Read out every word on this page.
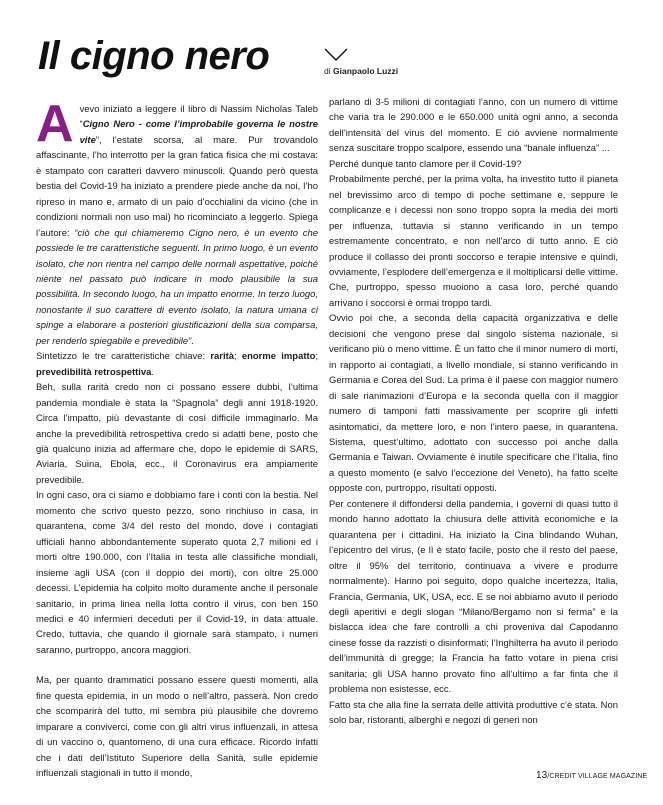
Il cigno nero	di Gianpaolo Luzzi

Avevo iniziato a leggere il libro di Nassim Nicholas Taleb “Cigno Nero - come l’improbabile governa le nostre vite”, l’estate scorsa, al mare. Pur trovandolo affascinante, l’ho interrotto per la gran fatica fisica che mi costava: è stampato con caratteri davvero minuscoli. Quando però questa bestia del Covid-19 ha iniziato a prendere piede anche da noi, l’ho ripreso in mano e, armato di un paio d’occhialini da vicino (che in condizioni normali non uso mai) ho ricominciato a leggerlo. Spiega l’autore: “ciò che qui chiameremo Cigno nero, è un evento che possiede le tre caratteristiche seguenti. In primo luogo, è un evento isolato, che non rientra nel campo delle normali aspettative, poiché niente nel passato può indicare in modo plausibile la sua possibilità. In secondo luogo, ha un impatto enorme. In terzo luogo, nonostante il suo carattere di evento isolato, la natura umana ci spinge a elaborare a posteriori giustificazioni della sua comparsa, per renderlo spiegabile e prevedibile”.

Sintetizzo le tre caratteristiche chiave: rarità; enorme impatto; prevedibilità retrospettiva.

Beh, sulla rarità credo non ci possano essere dubbi, l’ultima pandemia mondiale è stata la “Spagnola” degli anni 1918-1920. Circa l’impatto, più devastante di così difficile immaginarlo. Ma anche la prevedibilità retrospettiva credo si adatti bene, posto che già qualcuno inizia ad affermare che, dopo le epidemie di SARS, Aviaria, Suina, Ebola, ecc., il Coronavirus era ampiamente prevedibile.

In ogni caso, ora ci siamo e dobbiamo fare i conti con la bestia. Nel momento che scrivo questo pezzo, sono rinchiuso in casa, in quarantena, come 3/4 del resto del mondo, dove i contagiati ufficiali hanno abbondantemente superato quota 2,7 milioni ed i morti oltre 190.000, con l’Italia in testa alle classifiche mondiali, insieme agli USA (con il doppio dei morti), con oltre 25.000 decessi. L’epidemia ha colpito molto duramente anche il personale sanitario, in prima linea nella lotta contro il virus, con ben 150 medici e 40 infermieri deceduti per il Covid-19, in data attuale. Credo, tuttavia, che quando il giornale sarà stampato, i numeri saranno, purtroppo, ancora maggiori.

Ma, per quanto drammatici possano essere questi momenti, alla fine questa epidemia, in un modo o nell’altro, passerà. Non credo che scomparirà del tutto, mi sembra più plausibile che dovremo imparare a conviverci, come con gli altri virus influenzali, in attesa di un vaccino o, quantomeno, di una cura efficace. Ricordo infatti che i dati dell’Istituto Superiore della Sanità, sulle epidemie influenzali stagionali in tutto il mondo,

parlano di 3-5 milioni di contagiati l’anno, con un numero di vittime che varia tra le 290.000 e le 650.000 unità ogni anno, a seconda dell’intensità del virus del momento. E ciò avviene normalmente senza suscitare troppo scalpore, essendo una “banale influenza” ...

Perché dunque tanto clamore per il Covid-19?

Probabilmente perché, per la prima volta, ha investito tutto il pianeta nel brevissimo arco di tempo di poche settimane e, seppure le complicanze e i decessi non sono troppo sopra la media dei morti per influenza, tuttavia si stanno verificando in un tempo estremamente concentrato, e non nell’arco di tutto anno. E ciò produce il collasso dei pronti soccorso e terapie intensive e quindi, ovviamente, l’esplodere dell’emergenza e il moltiplicarsi delle vittime. Che, purtroppo, spesso muoiono a casa loro, perché quando arrivano i soccorsi è ormai troppo tardi.

Ovvio poi che, a seconda della capacità organizzativa e delle decisioni che vengono prese dal singolo sistema nazionale, si verificano più o meno vittime. È un fatto che il minor numero di morti, in rapporto ai contagiati, a livello mondiale, si stanno verificando in Germania e Corea del Sud. La prima è il paese con maggior numero di sale rianimazioni d’Europa e la seconda quella con il maggior numero di tamponi fatti massivamente per scoprire gli infetti asintomatici, da mettere loro, e non l’intero paese, in quarantena. Sistema, quest’ultimo, adottato con successo poi anche dalla Germania e Taiwan. Ovviamente è inutile specificare che l’Italia, fino a questo momento (e salvo l’eccezione del Veneto), ha fatto scelte opposte con, purtroppo, risultati opposti.

Per contenere il diffondersi della pandemia, i governi di quasi tutto il mondo hanno adottato la chiusura delle attività economiche e la quarantena per i cittadini. Ha iniziato la Cina blindando Wuhan, l’epicentro del virus, (e lì è stato facile, posto che il resto del paese, oltre il 95% del territorio, continuava a vivere e produrre normalmente). Hanno poi seguito, dopo qualche incertezza, Italia, Francia, Germania, UK, USA, ecc. E se noi abbiamo avuto il periodo degli aperitivi e degli slogan “Milano/Bergamo non si ferma” e la bislacca idea che fare controlli a chi proveniva dal Capodanno cinese fosse da razzisti o disinformati; l’Inghilterra ha avuto il periodo dell’immunità di gregge; la Francia ha fatto votare in piena crisi sanitaria; gli USA hanno provato fino all’ultimo a far finta che il problema non esistesse, ecc.

Fatto sta che alla fine la serrata delle attività produttive c’è stata. Non solo bar, ristoranti, alberghi e negozi di generi non

13/CREDIT VILLAGE MAGAZINE
